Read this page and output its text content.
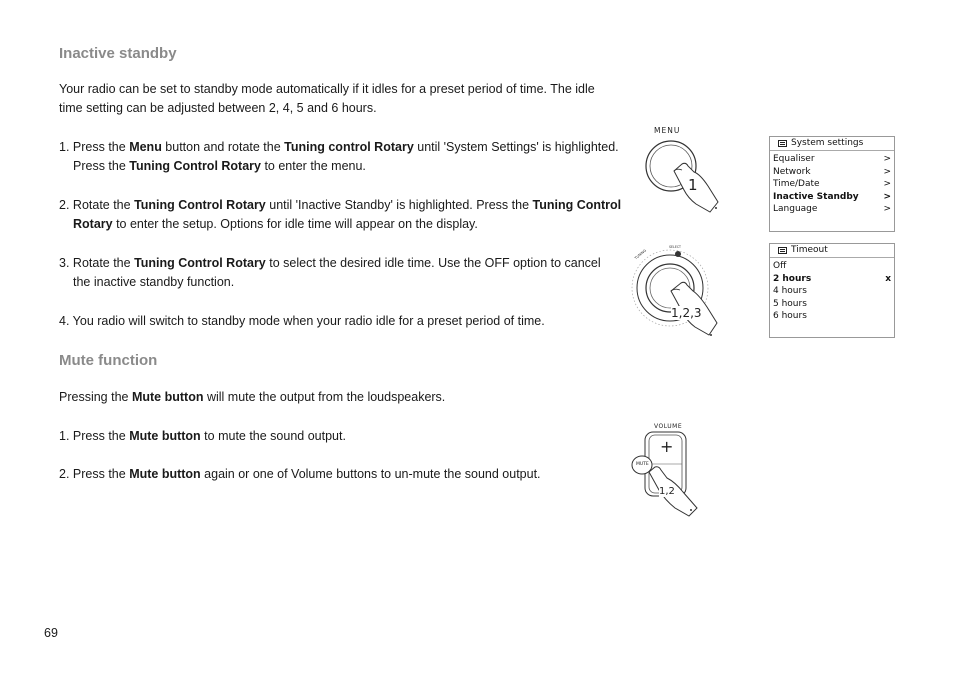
Inactive standby
Your radio can be set to standby mode automatically if it idles for a preset period of time. The idle
time setting can be adjusted between 2, 4, 5 and 6 hours.
1. Press the Menu button and rotate the Tuning control Rotary until 'System Settings' is highlighted.
Press the Tuning Control Rotary to enter the menu.
2. Rotate the Tuning Control Rotary until 'Inactive Standby' is highlighted. Press the Tuning Control
Rotary to enter the setup. Options for idle time will appear on the display.
3. Rotate the Tuning Control Rotary to select the desired idle time. Use the OFF option to cancel
the inactive standby function.
4. You radio will switch to standby mode when your radio idle for a preset period of time.
Mute function
Pressing the Mute button will mute the output from the loudspeakers.
1. Press the Mute button to mute the sound output.
2. Press the Mute button again or one of Volume buttons to un-mute the sound output.
MENU
1
System settings
Equaliser	>
Network	>
Time/Date	>
Inactive Standby	>
Language	>
TUNING
SELECT
1,2,3
Timeout
Off
2 hours	x
4 hours
5 hours
6 hours
VOLUME
+
MUTE
1,2
69
